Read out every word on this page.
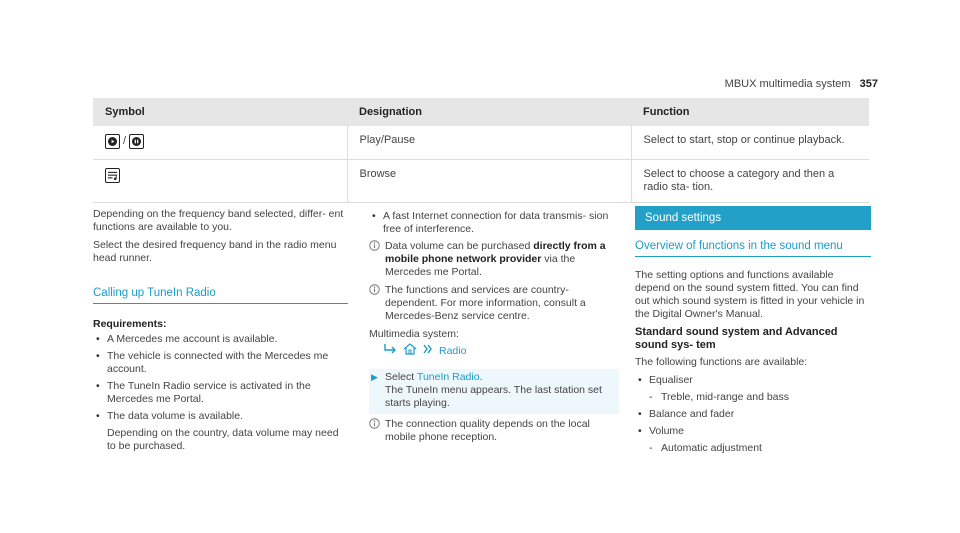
MBUX multimedia system 357
Symbol	Designation	Function

/	Play/Pause	Select to start, stop or continue playback.

	Browse	Select to choose a category and then a radio sta- tion.

Depending on the frequency band selected, differ- ent functions are available to you.

Select the desired frequency band in the radio menu head runner.

Calling up TuneIn Radio
Requirements:
• A Mercedes me account is available.
• The vehicle is connected with the Mercedes me account.
• The TuneIn Radio service is activated in the Mercedes me Portal.
• The data volume is available.
Depending on the country, data volume may need to be purchased.
• A fast Internet connection for data transmis- sion free of interference.
Data volume can be purchased directly from a mobile phone network provider via the Mercedes me Portal.
The functions and services are country- dependent. For more information, consult a Mercedes-Benz service centre.
Multimedia system:
Radio
▶ Select TuneIn Radio.
The TuneIn menu appears. The last station set starts playing.
The connection quality depends on the local mobile phone reception.
Sound settings
Overview of functions in the sound menu

The setting options and functions available depend on the sound system fitted. You can find out which sound system is fitted in your vehicle in the Digital Owner's Manual.

Standard sound system and Advanced sound sys- tem

The following functions are available:

• Equaliser
- Treble, mid-range and bass
• Balance and fader
• Volume
- Automatic adjustment
